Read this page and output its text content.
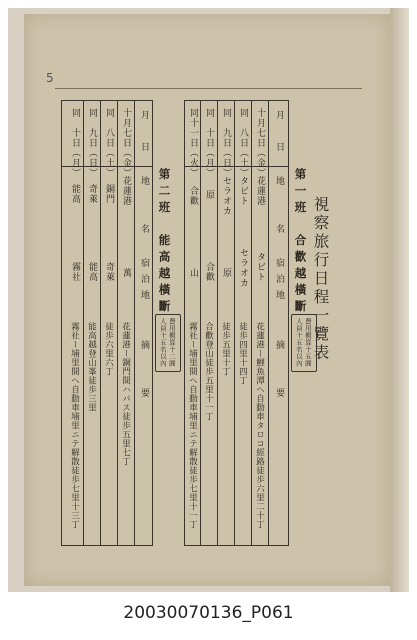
5
視察旅行日程一覽表
月　日
地　　名
宿泊地
摘　　要
十月七日（金）
花蓮港
タビト
花蓮港ー鯉魚潭ヘ自動車タロコ經路徒歩六里二十丁
同　八日（土）
タビト
セラオカ
徒歩四里十四丁
同　九日（日）
セラオカ
原
徒歩五里十丁
同　十日（月）
原
合歡
合歡登山徒歩五里十一丁
同十一日（火）
合歡
山
霧社ー埔里間ヘ自動車埔里ニテ解散徒歩七里十一丁
第一班　合歡越橫斷
費用概算十五圓
人員十五名以內
月　日
地　　名
宿泊地
摘　　要
十月七日（金）
花蓮港
萬
花蓮港ー銅門間ハバス徒歩五里七丁
同　八日（土）
銅門
奇萊
徒歩六里六丁
同　九日（日）
奇萊
能高
能高越登山峯徒歩三里
同　十日（月）
能高
霧社
霧社ー埔里間ヘ自動車埔里ニテ解散徒歩七里十三丁
第二班　能高越橫斷
費用概算十二圓
人員十五名以內
20030070136_P061
